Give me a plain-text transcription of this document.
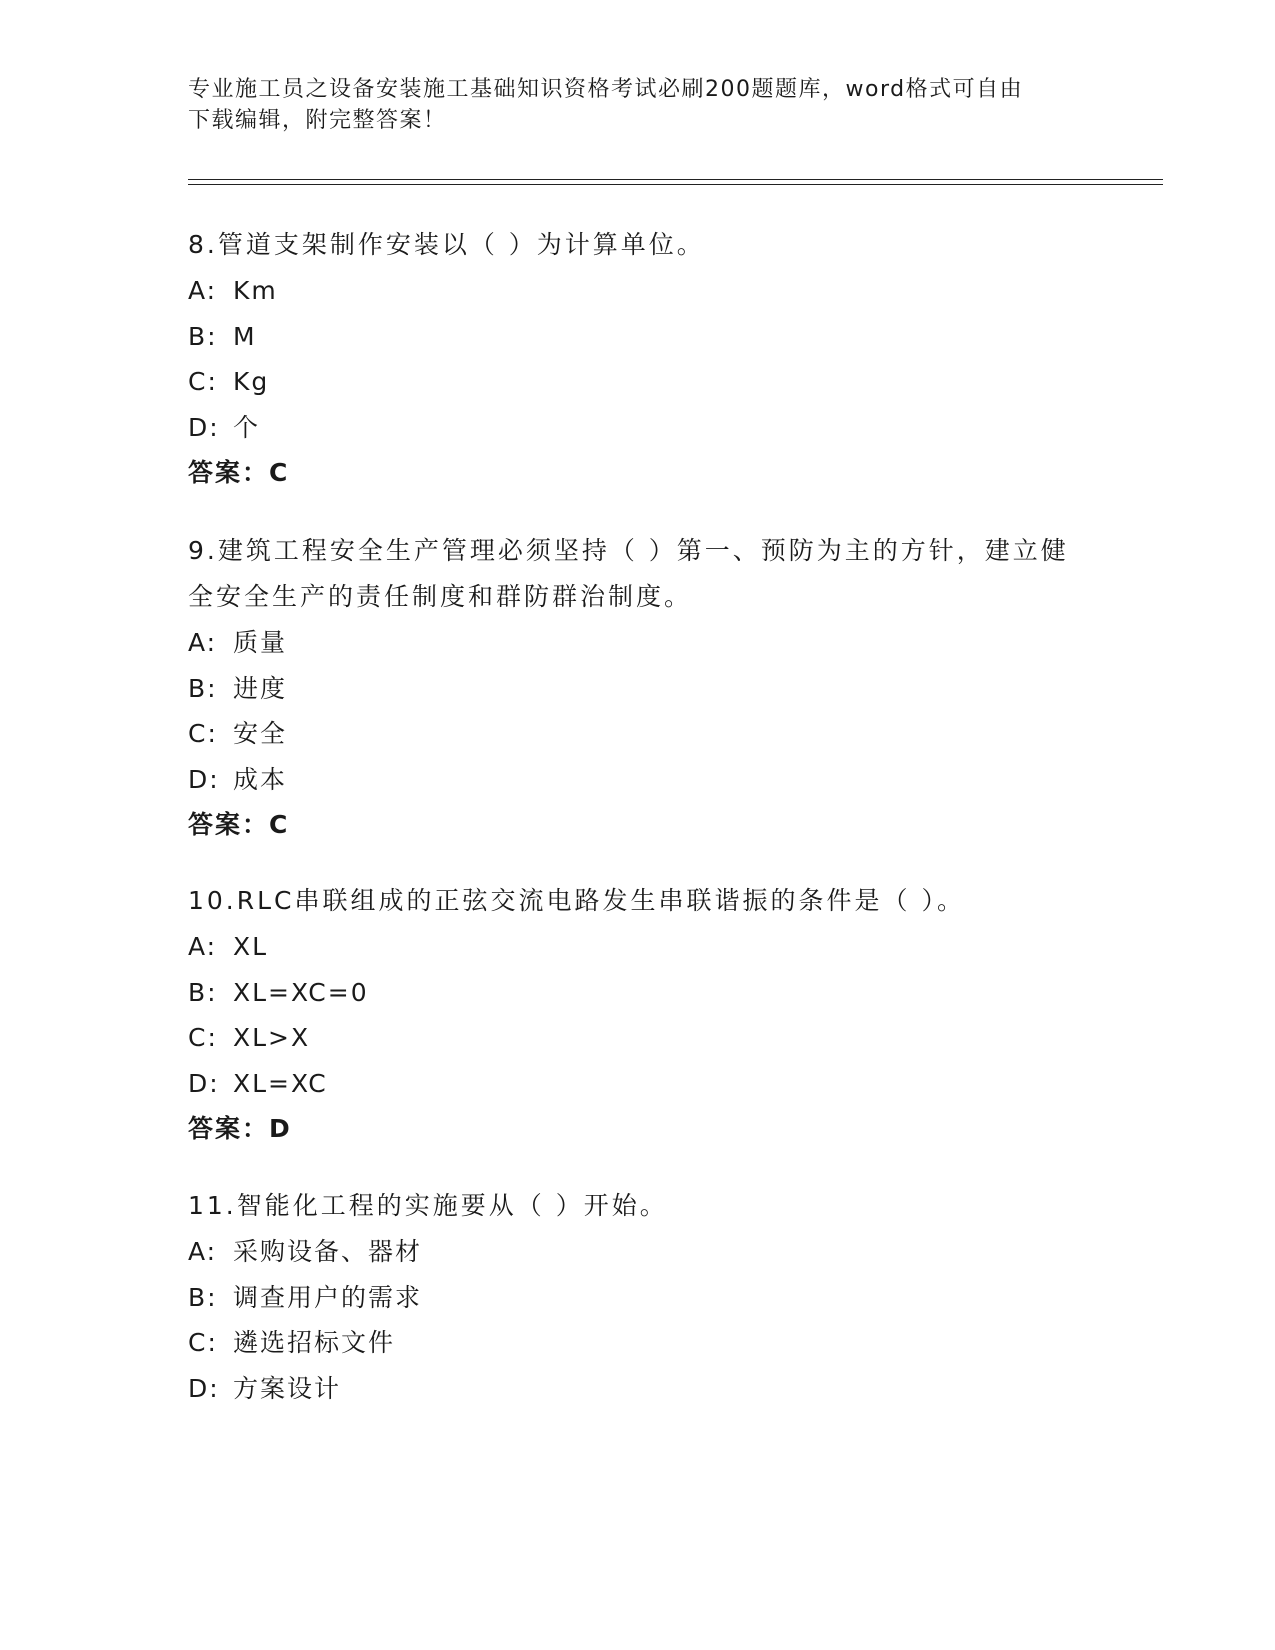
专业施工员之设备安装施工基础知识资格考试必刷200题题库，word格式可自由
下载编辑，附完整答案！

8.管道支架制作安装以（ ）为计算单位。

A: Km

B: M

C: Kg

D: 个

答案：C

9.建筑工程安全生产管理必须坚持（ ）第一、预防为主的方针，建立健全安全生产的责任制度和群防群治制度。

A: 质量

B: 进度

C: 安全

D: 成本

答案：C

10.RLC串联组成的正弦交流电路发生串联谐振的条件是（ ）。

A: XL

B: XL=XC=0

C: XL>X

D: XL=XC

答案：D

11.智能化工程的实施要从（ ）开始。

A: 采购设备、器材

B: 调查用户的需求

C: 遴选招标文件

D: 方案设计
